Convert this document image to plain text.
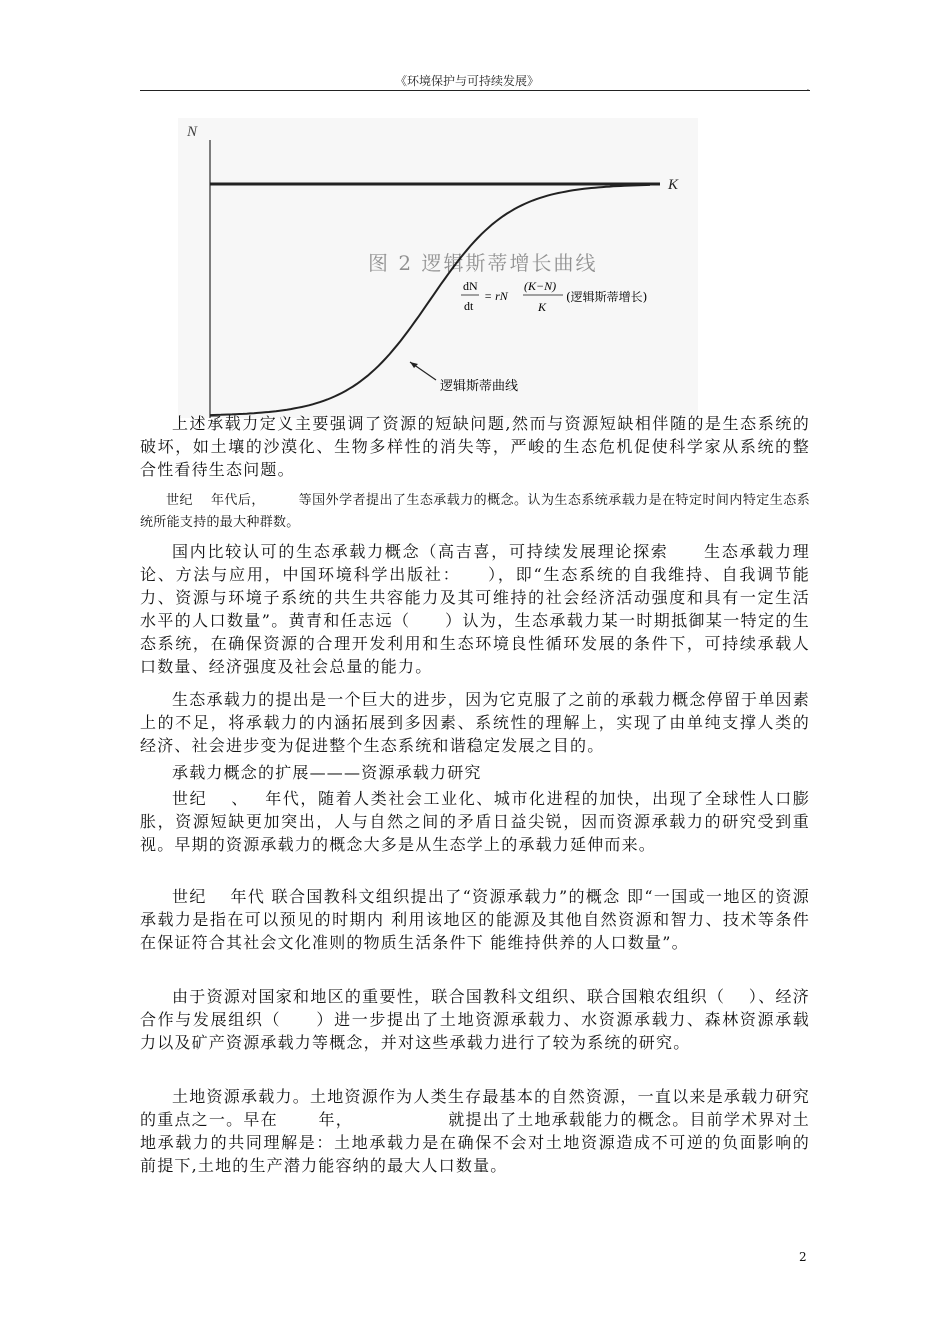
《环境保护与可持续发展》	.
N
K
dN
dt
= rN
(K−N)
K
(逻辑斯蒂增长)
逻辑斯蒂曲线
图 2 逻辑斯蒂增长曲线

上述承载力定义主要强调了资源的短缺问题,然而与资源短缺相伴随的是生态系统的破坏，如土壤的沙漠化、生物多样性的消失等，严峻的生态危机促使科学家从系统的整合性看待生态问题。

世纪　 年代后，　　　等国外学者提出了生态承载力的概念。认为生态系统承载力是在特定时间内特定生态系统所能支持的最大种群数。

国内比较认可的生态承载力概念（高吉喜，可持续发展理论探索　　生态承载力理论、方法与应用，中国环境科学出版社：　　），即“生态系统的自我维持、自我调节能力、资源与环境子系统的共生共容能力及其可维持的社会经济活动强度和具有一定生活水平的人口数量”。黄青和任志远（　　）认为，生态承载力某一时期抵御某一特定的生态系统，在确保资源的合理开发利用和生态环境良性循环发展的条件下，可持续承载人口数量、经济强度及社会总量的能力。

生态承载力的提出是一个巨大的进步，因为它克服了之前的承载力概念停留于单因素上的不足，将承载力的内涵拓展到多因素、系统性的理解上，实现了由单纯支撑人类的经济、社会进步变为促进整个生态系统和谐稳定发展之目的。

承载力概念的扩展———资源承载力研究

世纪　 、　 年代，随着人类社会工业化、城市化进程的加快，出现了全球性人口膨胀，资源短缺更加突出，人与自然之间的矛盾日益尖锐，因而资源承载力的研究受到重视。早期的资源承载力的概念大多是从生态学上的承载力延伸而来。

世纪　 年代 联合国教科文组织提出了“资源承载力”的概念 即“一国或一地区的资源承载力是指在可以预见的时期内 利用该地区的能源及其他自然资源和智力、技术等条件 在保证符合其社会文化准则的物质生活条件下 能维持供养的人口数量”。

由于资源对国家和地区的重要性，联合国教科文组织、联合国粮农组织（　 ）、经济合作与发展组织（　　）进一步提出了土地资源承载力、水资源承载力、森林资源承载力以及矿产资源承载力等概念，并对这些承载力进行了较为系统的研究。

土地资源承载力。土地资源作为人类生存最基本的自然资源，一直以来是承载力研究的重点之一。早在　　 年，　　　　　　就提出了土地承载能力的概念。目前学术界对土地承载力的共同理解是：土地承载力是在确保不会对土地资源造成不可逆的负面影响的前提下,土地的生产潜力能容纳的最大人口数量。

2
